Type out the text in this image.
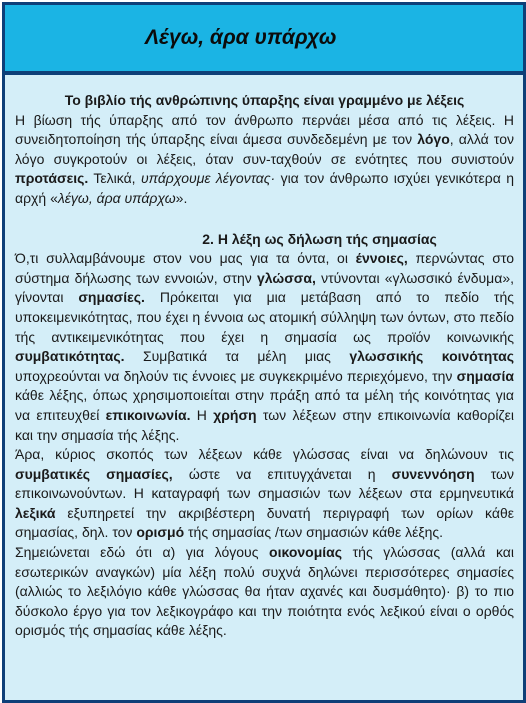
Λέγω, άρα υπάρχω
Το βιβλίο τής ανθρώπινης ύπαρξης είναι γραμμένο με λέξεις

Η βίωση τής ύπαρξης από τον άνθρωπο περνάει μέσα από τις λέξεις. Η συνειδητοποίηση τής ύπαρξης είναι άμεσα συνδεδεμένη με τον λόγο, αλλά τον λόγο συγκροτούν οι λέξεις, όταν συν-ταχθούν σε ενότητες που συνιστούν προτάσεις. Τελικά, υπάρχουμε λέγοντας· για τον άνθρωπο ισχύει γενικότερα η αρχή «λέγω, άρα υπάρχω».

2. Η λέξη ως δήλωση τής σημασίας

Ό,τι συλλαμβάνουμε στον νου μας για τα όντα, οι έννοιες, περνώντας στο σύστημα δήλωσης των εννοιών, στην γλώσσα, ντύνονται «γλωσσικό ένδυμα», γίνονται σημασίες. Πρόκειται για μια μετάβαση από το πεδίο τής υποκειμενικότητας, που έχει η έννοια ως ατομική σύλληψη των όντων, στο πεδίο τής αντικειμενικότητας που έχει η σημασία ως προϊόν κοινωνικής συμβατικότητας. Συμβατικά τα μέλη μιας γλωσσικής κοινότητας υποχρεούνται να δηλούν τις έννοιες με συγκεκριμένο περιεχόμενο, την σημασία κάθε λέξης, όπως χρησιμοποιείται στην πράξη από τα μέλη τής κοινότητας για να επιτευχθεί επικοινωνία. Η χρήση των λέξεων στην επικοινωνία καθορίζει και την σημασία τής λέξης.

Άρα, κύριος σκοπός των λέξεων κάθε γλώσσας είναι να δηλώνουν τις συμβατικές σημασίες, ώστε να επιτυγχάνεται η συνεννόηση των επικοινωνούντων. Η καταγραφή των σημασιών των λέξεων στα ερμηνευτικά λεξικά εξυπηρετεί την ακριβέστερη δυνατή περιγραφή των ορίων κάθε σημασίας, δηλ. τον ορισμό τής σημασίας /των σημασιών κάθε λέξης.

Σημειώνεται εδώ ότι α) για λόγους οικονομίας τής γλώσσας (αλλά και εσωτερικών αναγκών) μία λέξη πολύ συχνά δηλώνει περισσότερες σημασίες (αλλιώς το λεξιλόγιο κάθε γλώσσας θα ήταν αχανές και δυσμάθητο)· β) το πιο δύσκολο έργο για τον λεξικογράφο και την ποιότητα ενός λεξικού είναι ο ορθός ορισμός τής σημασίας κάθε λέξης.
